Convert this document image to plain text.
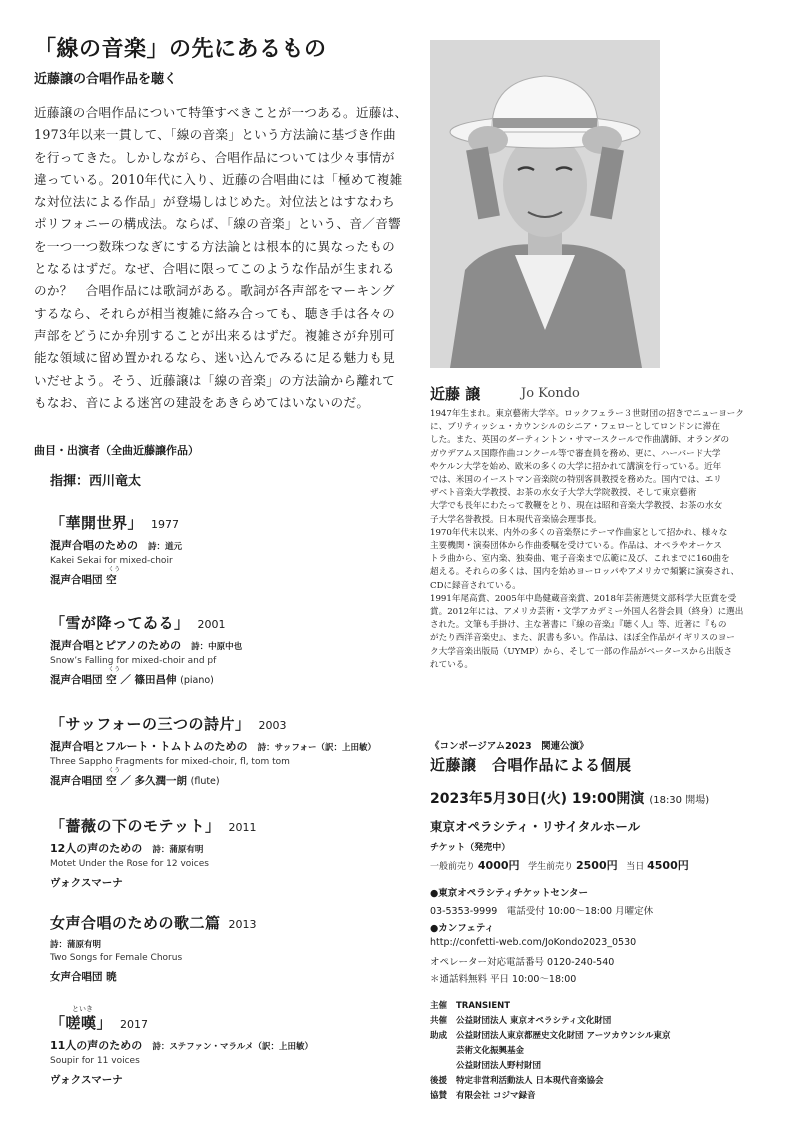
「線の音楽」の先にあるもの
近藤譲の合唱作品を聴く
近藤譲の合唱作品について特筆すべきことが一つある。近藤は、
1973年以来一貫して、「線の音楽」という方法論に基づき作曲
を行ってきた。しかしながら、合唱作品については少々事情が
違っている。2010年代に入り、近藤の合唱曲には「極めて複雑
な対位法による作品」が登場しはじめた。対位法とはすなわち
ポリフォニーの構成法。ならば、「線の音楽」という、音／音響
を一つ一つ数珠つなぎにする方法論とは根本的に異なったもの
となるはずだ。なぜ、合唱に限ってこのような作品が生まれる
のか？　合唱作品には歌詞がある。歌詞が各声部をマーキング
するなら、それらが相当複雑に絡み合っても、聴き手は各々の
声部をどうにか弁別することが出来るはずだ。複雑さが弁別可
能な領域に留め置かれるなら、迷い込んでみるに足る魅力も見
いだせよう。そう、近藤譲は「線の音楽」の方法論から離れて
もなお、音による迷宮の建設をあきらめてはいないのだ。
曲目・出演者（全曲近藤譲作品）
指揮：西川竜太
「華開世界」 1977
混声合唱のための 詩：道元
Kakei Sekai for mixed-choir
混声合唱団
くう
空
「雪が降ってゐる」 2001
混声合唱とピアノのための 詩：中原中也
Snow’s Falling for mixed-choir and pf
混声合唱団
くう
空 ／ 篠田昌伸 (piano)
「サッフォーの三つの詩片」 2003
混声合唱とフルート・トムトムのための 詩：サッフォー（訳：上田敏）
Three Sappho Fragments for mixed-choir, fl, tom tom
混声合唱団
くう
空 ／ 多久潤一朗 (flute)
「薔薇の下のモテット」 2011
12人の声のための 詩：蒲原有明
Motet Under the Rose for 12 voices
ヴォクスマーナ
女声合唱のための歌二篇 2013
詩：蒲原有明
Two Songs for Female Chorus
女声合唱団 暁
といき
「嗟嘆」 2017
11人の声のための 詩：ステファン・マラルメ（訳：上田敏）
Soupir for 11 voices
ヴォクスマーナ
近藤 譲	Jo Kondo
1947年生まれ。東京藝術大学卒。ロックフェラー３世財団の招きでニューヨーク
に、ブリティッシュ・カウンシルのシニア・フェローとしてロンドンに滞在
した。また、英国のダーティントン・サマースクールで作曲講師、オランダの
ガウデアムス国際作曲コンクール等で審査員を務め、更に、ハーバード大学
やケルン大学を始め、欧米の多くの大学に招かれて講演を行っている。近年
では、米国のイーストマン音楽院の特別客員教授を務めた。国内では、エリ
ザベト音楽大学教授、お茶の水女子大学大学院教授、そして東京藝術
大学でも長年にわたって教鞭をとり、現在は昭和音楽大学教授、お茶の水女
子大学名誉教授。日本現代音楽協会理事長。
1970年代末以来、内外の多くの音楽祭にテーマ作曲家として招かれ、様々な
主要機関・演奏団体から作曲委嘱を受けている。作品は、オペラやオーケス
トラ曲から、室内楽、独奏曲、電子音楽まで広範に及び、これまでに160曲を
超える。それらの多くは、国内を始めヨーロッパやアメリカで頻繁に演奏され、
CDに録音されている。
1991年尾高賞、2005年中島健蔵音楽賞、2018年芸術選奨文部科学大臣賞を受
賞。2012年には、アメリカ芸術・文学アカデミー外国人名誉会員（終身）に選出
された。文筆も手掛け、主な著書に『線の音楽』『聴く人』等、近著に『もの
がたり西洋音楽史』、また、訳書も多い。作品は、ほぼ全作品がイギリスのヨー
ク大学音楽出版局（UYMP）から、そして一部の作品がペータースから出版さ
れている。
《コンポージアム2023　関連公演》
近藤譲　合唱作品による個展
2023年5月30日(火) 19:00開演 (18:30 開場)
東京オペラシティ・リサイタルホール
チケット（発売中）
一般前売り 4000円 学生前売り 2500円 当日 4500円
●東京オペラシティチケットセンター
03-5353-9999　電話受付 10:00～18:00 月曜定休
●カンフェティ
http://confetti-web.com/JoKondo2023_0530
オペレーター対応電話番号 0120-240-540
＊通話料無料 平日 10:00～18:00
主催 TRANSIENT
共催 公益財団法人 東京オペラシティ文化財団
助成 公益財団法人東京都歴史文化財団 アーツカウンシル東京
芸術文化振興基金
公益財団法人野村財団
後援 特定非営利活動法人 日本現代音楽協会
協賛 有限会社 コジマ録音
